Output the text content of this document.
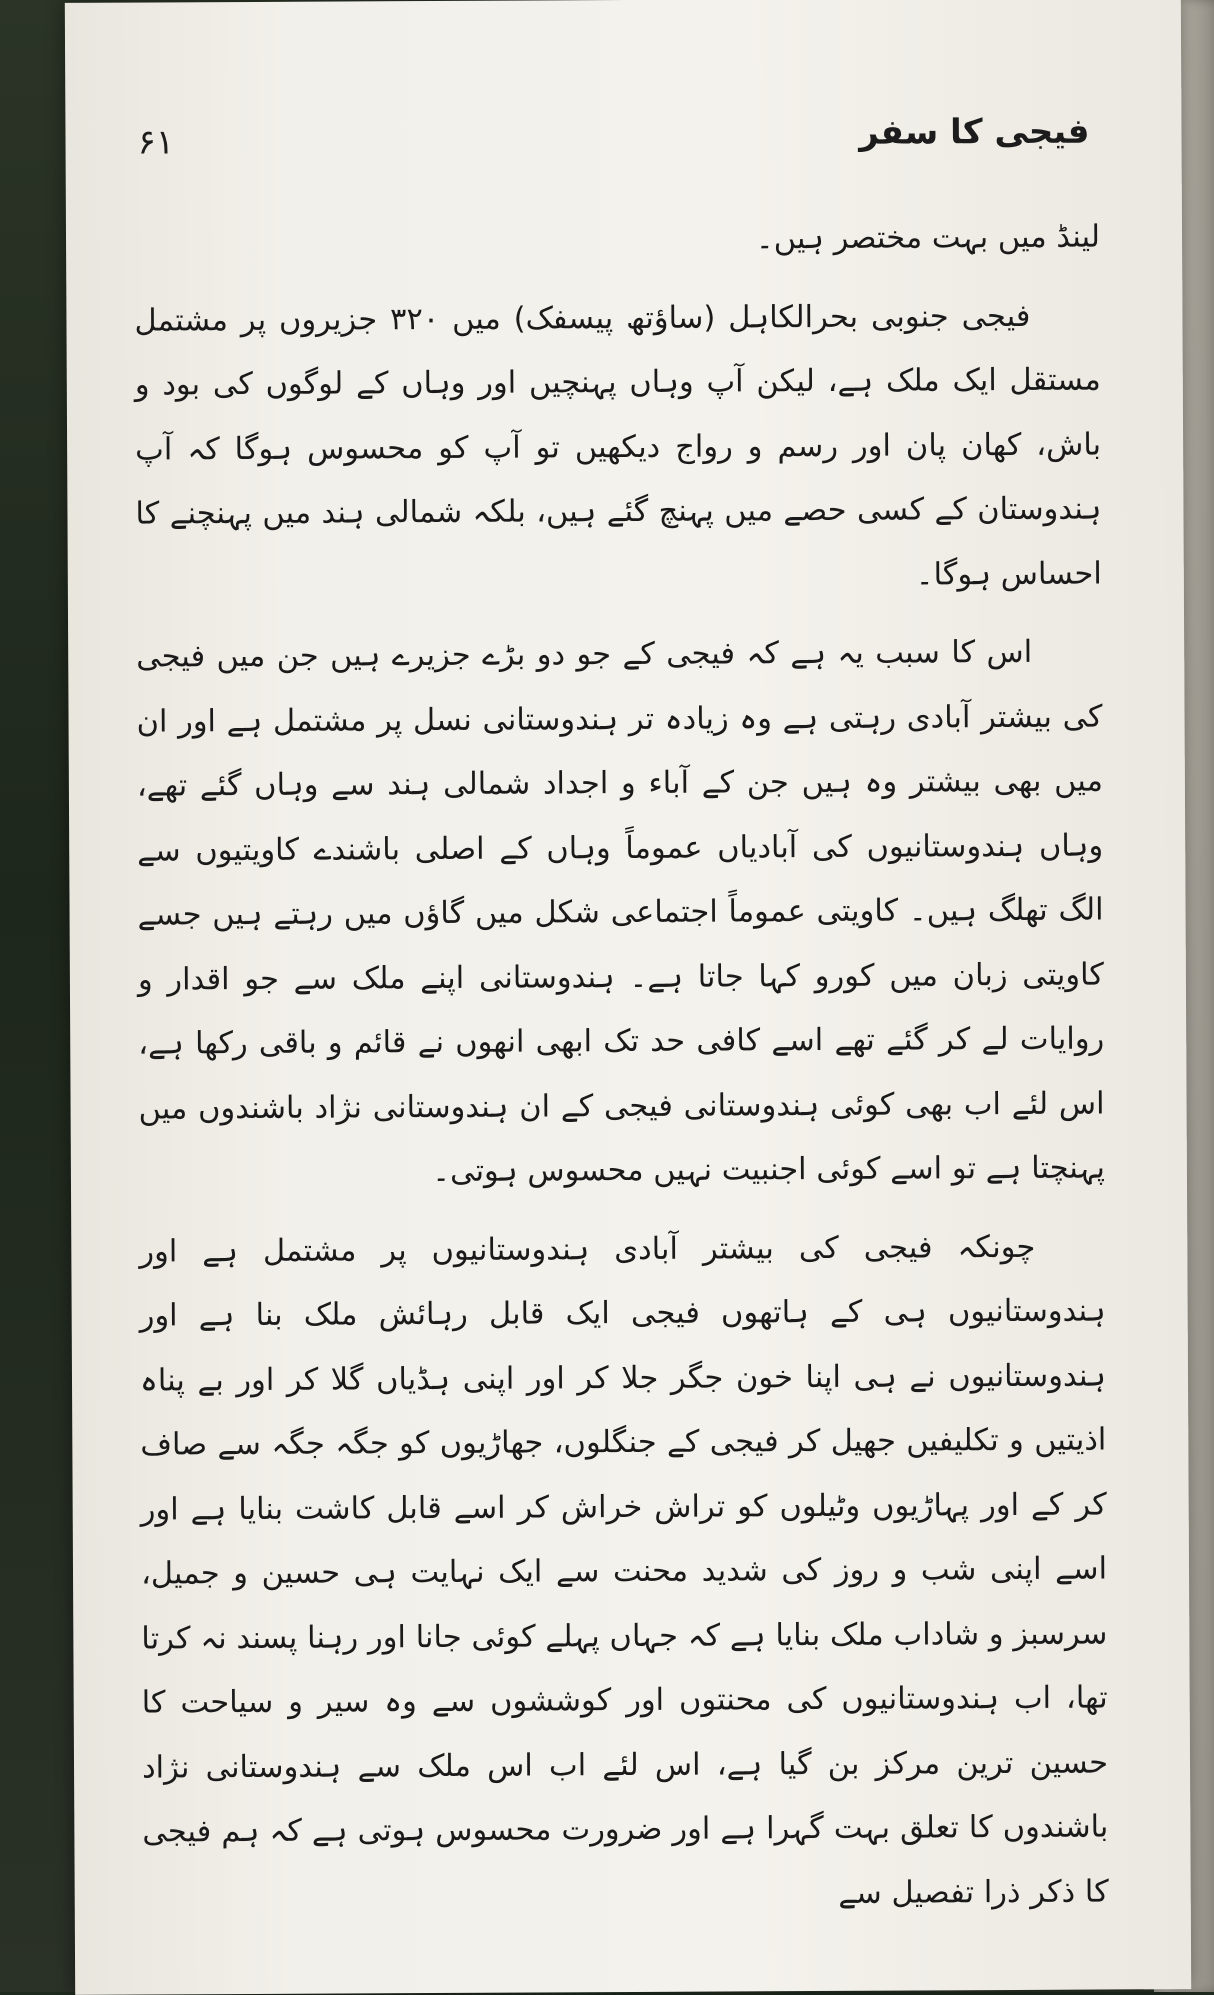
۶۱	فیجی کا سفر

لینڈ میں بہت مختصر ہیں۔

فیجی جنوبی بحرالکاہل (ساؤتھ پیسفک) میں ۳۲۰ جزیروں پر مشتمل مستقل ایک ملک ہے، لیکن آپ وہاں پہنچیں اور وہاں کے لوگوں کی بود و باش، کھان پان اور رسم و رواج دیکھیں تو آپ کو محسوس ہوگا کہ آپ ہندوستان کے کسی حصے میں پہنچ گئے ہیں، بلکہ شمالی ہند میں پہنچنے کا احساس ہوگا۔

اس کا سبب یہ ہے کہ فیجی کے جو دو بڑے جزیرے ہیں جن میں فیجی کی بیشتر آبادی رہتی ہے وہ زیادہ تر ہندوستانی نسل پر مشتمل ہے اور ان میں بھی بیشتر وہ ہیں جن کے آباء و اجداد شمالی ہند سے وہاں گئے تھے، وہاں ہندوستانیوں کی آبادیاں عموماً وہاں کے اصلی باشندے کاویتیوں سے الگ تھلگ ہیں۔ کاویتی عموماً اجتماعی شکل میں گاؤں میں رہتے ہیں جسے کاویتی زبان میں کورو کہا جاتا ہے۔ ہندوستانی اپنے ملک سے جو اقدار و روایات لے کر گئے تھے اسے کافی حد تک ابھی انھوں نے قائم و باقی رکھا ہے، اس لئے اب بھی کوئی ہندوستانی فیجی کے ان ہندوستانی نژاد باشندوں میں پہنچتا ہے تو اسے کوئی اجنبیت نہیں محسوس ہوتی۔

چونکہ فیجی کی بیشتر آبادی ہندوستانیوں پر مشتمل ہے اور ہندوستانیوں ہی کے ہاتھوں فیجی ایک قابل رہائش ملک بنا ہے اور ہندوستانیوں نے ہی اپنا خون جگر جلا کر اور اپنی ہڈیاں گلا کر اور بے پناہ اذیتیں و تکلیفیں جھیل کر فیجی کے جنگلوں، جھاڑیوں کو جگہ جگہ سے صاف کر کے اور پہاڑیوں وٹیلوں کو تراش خراش کر اسے قابل کاشت بنایا ہے اور اسے اپنی شب و روز کی شدید محنت سے ایک نہایت ہی حسین و جمیل، سرسبز و شاداب ملک بنایا ہے کہ جہاں پہلے کوئی جانا اور رہنا پسند نہ کرتا تھا، اب ہندوستانیوں کی محنتوں اور کوششوں سے وہ سیر و سیاحت کا حسین ترین مرکز بن گیا ہے، اس لئے اب اس ملک سے ہندوستانی نژاد باشندوں کا تعلق بہت گہرا ہے اور ضرورت محسوس ہوتی ہے کہ ہم فیجی کا ذکر ذرا تفصیل سے
